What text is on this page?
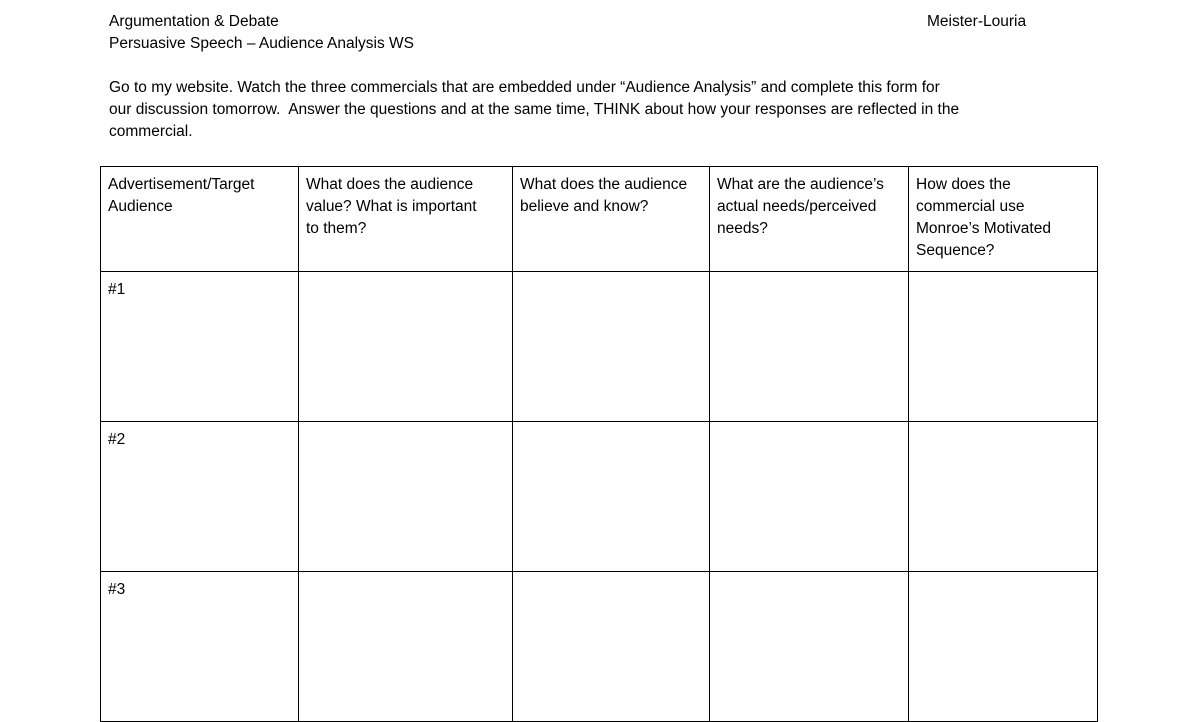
Argumentation & Debate	Meister-Louria
Persuasive Speech – Audience Analysis WS
Go to my website. Watch the three commercials that are embedded under “Audience Analysis” and complete this form for
our discussion tomorrow.  Answer the questions and at the same time, THINK about how your responses are reflected in the
commercial.
Advertisement/Target
Audience	What does the audience
value? What is important
to them?	What does the audience
believe and know?	What are the audience’s
actual needs/perceived
needs?	How does the
commercial use
Monroe’s Motivated
Sequence?
#1				
#2				
#3				
